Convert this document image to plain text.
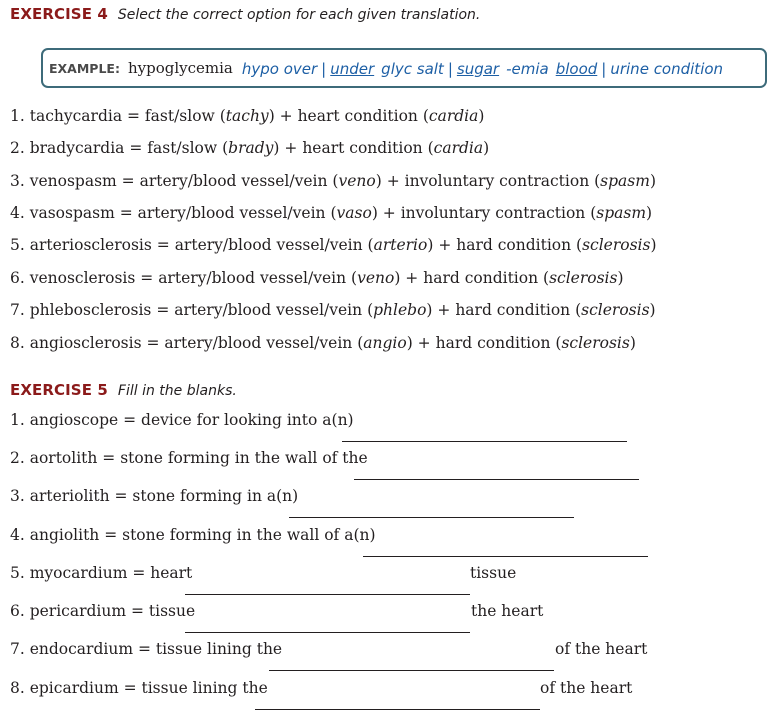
EXERCISE 4 Select the correct option for each given translation.
EXAMPLE: hypoglycemia hypo over | under glyc salt | sugar -emia blood | urine condition
1. tachycardia = fast/slow (tachy) + heart condition (cardia)
2. bradycardia = fast/slow (brady) + heart condition (cardia)
3. venospasm = artery/blood vessel/vein (veno) + involuntary contraction (spasm)
4. vasospasm = artery/blood vessel/vein (vaso) + involuntary contraction (spasm)
5. arteriosclerosis = artery/blood vessel/vein (arterio) + hard condition (sclerosis)
6. venosclerosis = artery/blood vessel/vein (veno) + hard condition (sclerosis)
7. phlebosclerosis = artery/blood vessel/vein (phlebo) + hard condition (sclerosis)
8. angiosclerosis = artery/blood vessel/vein (angio) + hard condition (sclerosis)
EXERCISE 5 Fill in the blanks.
1. angioscope = device for looking into a(n)
2. aortolith = stone forming in the wall of the
3. arteriolith = stone forming in a(n)
4. angiolith = stone forming in the wall of a(n)
5. myocardium = heart	tissue
6. pericardium = tissue	the heart
7. endocardium = tissue lining the	of the heart
8. epicardium = tissue lining the	of the heart
